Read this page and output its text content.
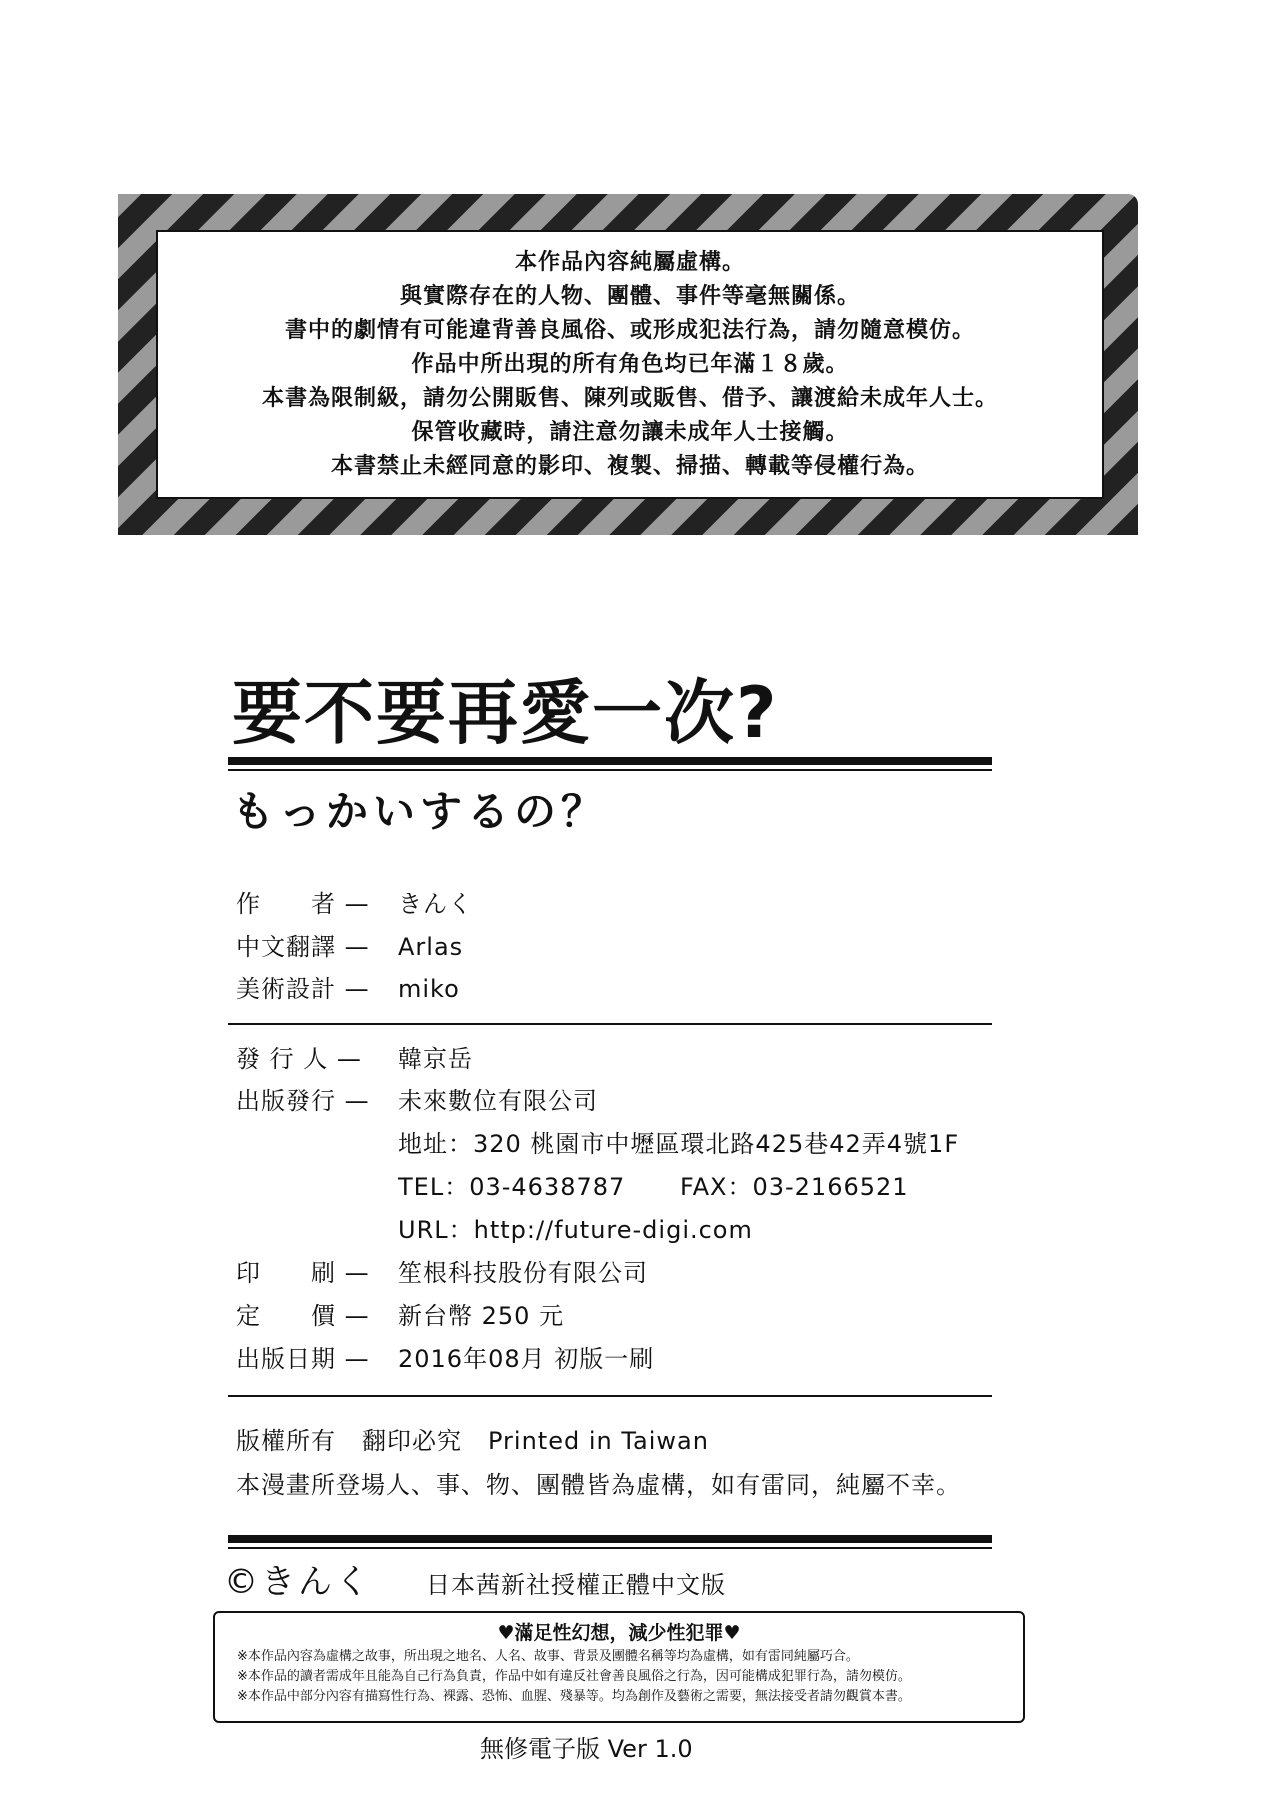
本作品內容純屬虛構。
與實際存在的人物、團體、事件等毫無關係。
書中的劇情有可能違背善良風俗、或形成犯法行為，請勿隨意模仿。
作品中所出現的所有角色均已年滿１８歲。
本書為限制級，請勿公開販售、陳列或販售、借予、讓渡給未成年人士。
保管收藏時，請注意勿讓未成年人士接觸。
本書禁止未經同意的影印、複製、掃描、轉載等侵權行為。
要不要再愛一次?
もっかいするの？
作　　者 — きんく
中文翻譯 — Arlas
美術設計 — miko
發 行 人 — 韓京岳
出版發行 — 未來數位有限公司
地址：320 桃園市中壢區環北路425巷42弄4號1F
TEL：03-4638787 FAX：03-2166521
URL：http://future-digi.com
印　　刷 — 笙根科技股份有限公司
定　　價 — 新台幣 250 元
出版日期 — 2016年08月 初版一刷
版權所有 翻印必究 Printed in Taiwan
本漫畫所登場人、事、物、團體皆為虛構，如有雷同，純屬不幸。
©きんく 日本茜新社授權正體中文版
♥滿足性幻想，減少性犯罪♥
※本作品內容為虛構之故事，所出現之地名、人名、故事、背景及團體名稱等均為虛構，如有雷同純屬巧合。
※本作品的讀者需成年且能為自己行為負責，作品中如有違反社會善良風俗之行為，因可能構成犯罪行為，請勿模仿。
※本作品中部分內容有描寫性行為、裸露、恐怖、血腥、殘暴等。均為創作及藝術之需要，無法接受者請勿觀賞本書。
無修電子版 Ver 1.0
